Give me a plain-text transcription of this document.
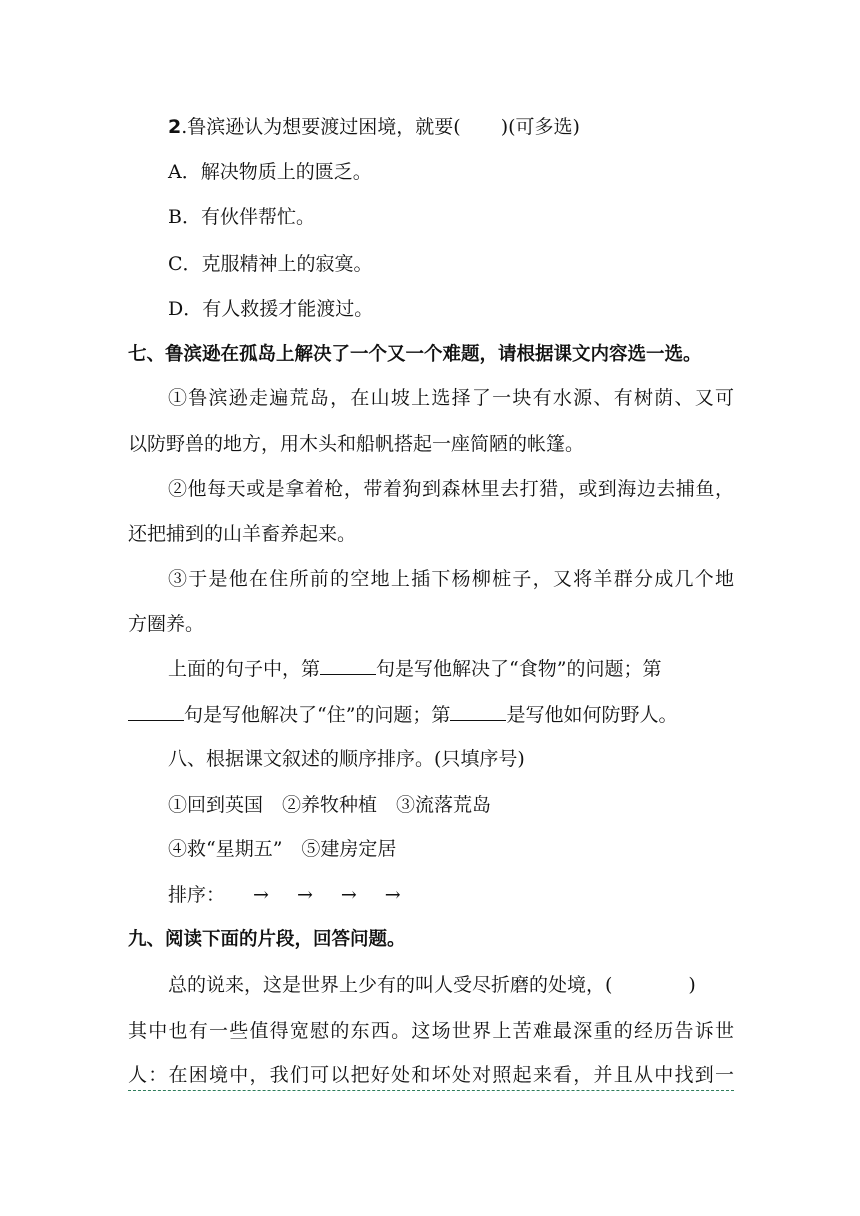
2.鲁滨逊认为想要渡过困境，就要( )(可多选)
A．解决物质上的匮乏。
B．有伙伴帮忙。
C．克服精神上的寂寞。
D．有人救援才能渡过。
七、鲁滨逊在孤岛上解决了一个又一个难题，请根据课文内容选一选。
①鲁滨逊走遍荒岛，在山坡上选择了一块有水源、有树荫、又可
以防野兽的地方，用木头和船帆搭起一座简陋的帐篷。
②他每天或是拿着枪，带着狗到森林里去打猎，或到海边去捕鱼，
还把捕到的山羊畜养起来。
③于是他在住所前的空地上插下杨柳桩子，又将羊群分成几个地
方圈养。
上面的句子中，第	句是写他解决了“食物”的问题；第
句是写他解决了“住”的问题；第	是写他如何防野人。
八、根据课文叙述的顺序排序。(只填序号)
①回到英国　②养牧种植　③流落荒岛
④救“星期五”　⑤建房定居
排序： → → → →
九、阅读下面的片段，回答问题。
总的说来，这是世界上少有的叫人受尽折磨的处境，(	)
其中也有一些值得宽慰的东西。这场世界上苦难最深重的经历告诉世
人：在困境中，我们可以把好处和坏处对照起来看，并且从中找到一
